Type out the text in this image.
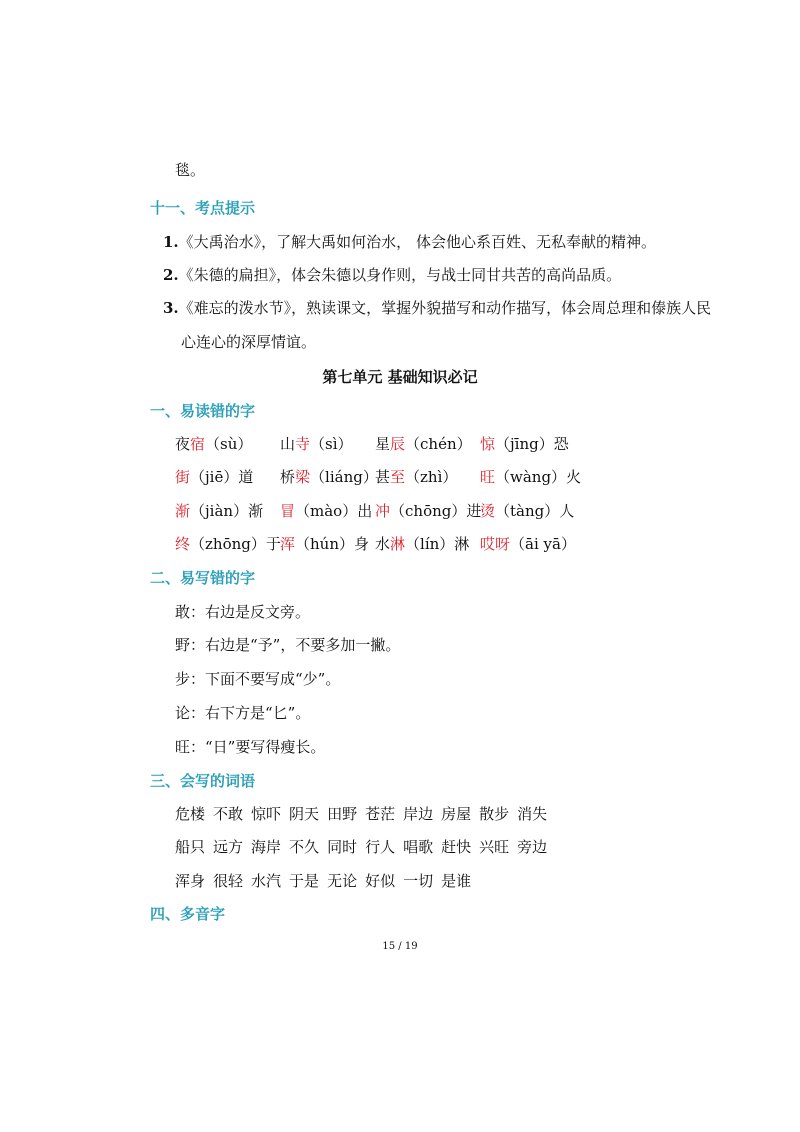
毯。
十一、考点提示
1.《大禹治水》，了解大禹如何治水， 体会他心系百姓、无私奉献的精神。
2.《朱德的扁担》，体会朱德以身作则，与战士同甘共苦的高尚品质。
3.《难忘的泼水节》，熟读课文，掌握外貌描写和动作描写，体会周总理和傣族人民
心连心的深厚情谊。
第七单元 基础知识必记
一、易读错的字
夜宿（sù） 山寺（sì） 星辰（chén） 惊（jīng）恐
街（jiē）道 桥梁（liáng）
甚至（zhì） 旺（wàng）火
渐（jiàn）渐 冒（mào）出 冲（chōng）进
烫（tàng）人
终（zhōng）于 浑（hún）身 水淋（lín）淋 哎呀（āi yā）
二、易写错的字
敢：右边是反文旁。
野：右边是“予”，不要多加一撇。
步：下面不要写成“少”。
论：右下方是“匕”。
旺：“日”要写得瘦长。
三、会写的词语
危楼 不敢 惊吓 阴天 田野 苍茫 岸边 房屋 散步 消失
船只 远方 海岸 不久 同时 行人 唱歌 赶快 兴旺 旁边
浑身 很轻 水汽 于是 无论 好似 一切 是谁
四、多音字
15 / 19
